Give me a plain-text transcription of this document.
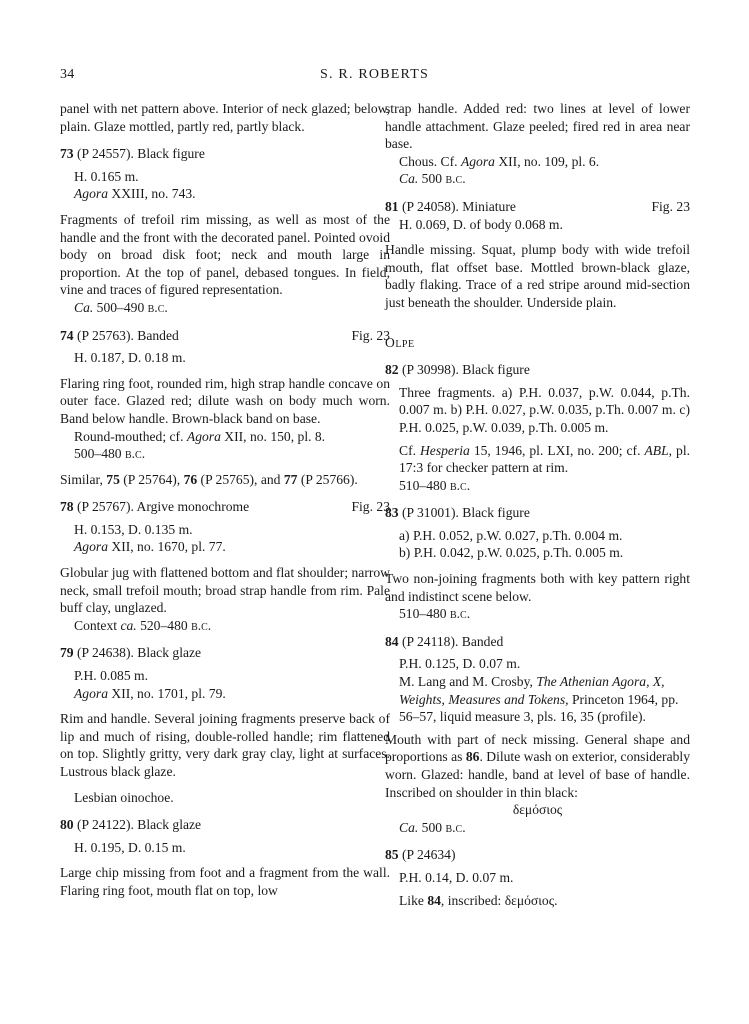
34	S. R. ROBERTS

panel with net pattern above. Interior of neck glazed; below, plain. Glaze mottled, partly red, partly black.

73 (P 24557). Black figure

H. 0.165 m.

Agora XXIII, no. 743.

Fragments of trefoil rim missing, as well as most of the handle and the front with the decorated panel. Pointed ovoid body on broad disk foot; neck and mouth large in proportion. At the top of panel, debased tongues. In field, vine and traces of figured representation.

Ca. 500–490 b.c.

74 (P 25763). Banded	Fig. 23

H. 0.187, D. 0.18 m.

Flaring ring foot, rounded rim, high strap handle concave on outer face. Glazed red; dilute wash on body much worn. Band below handle. Brown-black band on base.

Round-mouthed; cf. Agora XII, no. 150, pl. 8.

500–480 b.c.

Similar, 75 (P 25764), 76 (P 25765), and 77 (P 25766).

78 (P 25767). Argive monochrome	Fig. 23

H. 0.153, D. 0.135 m.

Agora XII, no. 1670, pl. 77.

Globular jug with flattened bottom and flat shoulder; narrow neck, small trefoil mouth; broad strap handle from rim. Pale buff clay, unglazed.

Context ca. 520–480 b.c.

79 (P 24638). Black glaze

P.H. 0.085 m.

Agora XII, no. 1701, pl. 79.

Rim and handle. Several joining fragments preserve back of lip and much of rising, double-rolled handle; rim flattened on top. Slightly gritty, very dark gray clay, light at surfaces. Lustrous black glaze.

Lesbian oinochoe.

80 (P 24122). Black glaze

H. 0.195, D. 0.15 m.

Large chip missing from foot and a fragment from the wall. Flaring ring foot, mouth flat on top, low

strap handle. Added red: two lines at level of lower handle attachment. Glaze peeled; fired red in area near base.

Chous. Cf. Agora XII, no. 109, pl. 6.

Ca. 500 b.c.

81 (P 24058). Miniature	Fig. 23

H. 0.069, D. of body 0.068 m.

Handle missing. Squat, plump body with wide trefoil mouth, flat offset base. Mottled brown-black glaze, badly flaking. Trace of a red stripe around mid-section just beneath the shoulder. Underside plain.

Olpe

82 (P 30998). Black figure

Three fragments. a) P.H. 0.037, p.W. 0.044, p.Th. 0.007 m. b) P.H. 0.027, p.W. 0.035, p.Th. 0.007 m. c) P.H. 0.025, p.W. 0.039, p.Th. 0.005 m.

Cf. Hesperia 15, 1946, pl. LXI, no. 200; cf. ABL, pl. 17:3 for checker pattern at rim.

510–480 b.c.

83 (P 31001). Black figure

a) P.H. 0.052, p.W. 0.027, p.Th. 0.004 m.

b) P.H. 0.042, p.W. 0.025, p.Th. 0.005 m.

Two non-joining fragments both with key pattern right and indistinct scene below.

510–480 b.c.

84 (P 24118). Banded

P.H. 0.125, D. 0.07 m.

M. Lang and M. Crosby, The Athenian Agora, X, Weights, Measures and Tokens, Princeton 1964, pp. 56–57, liquid measure 3, pls. 16, 35 (profile).

Mouth with part of neck missing. General shape and proportions as 86. Dilute wash on exterior, considerably worn. Glazed: handle, band at level of base of handle. Inscribed on shoulder in thin black:

δεμόσιος

Ca. 500 b.c.

85 (P 24634)

P.H. 0.14, D. 0.07 m.

Like 84, inscribed: δεμόσιος.
